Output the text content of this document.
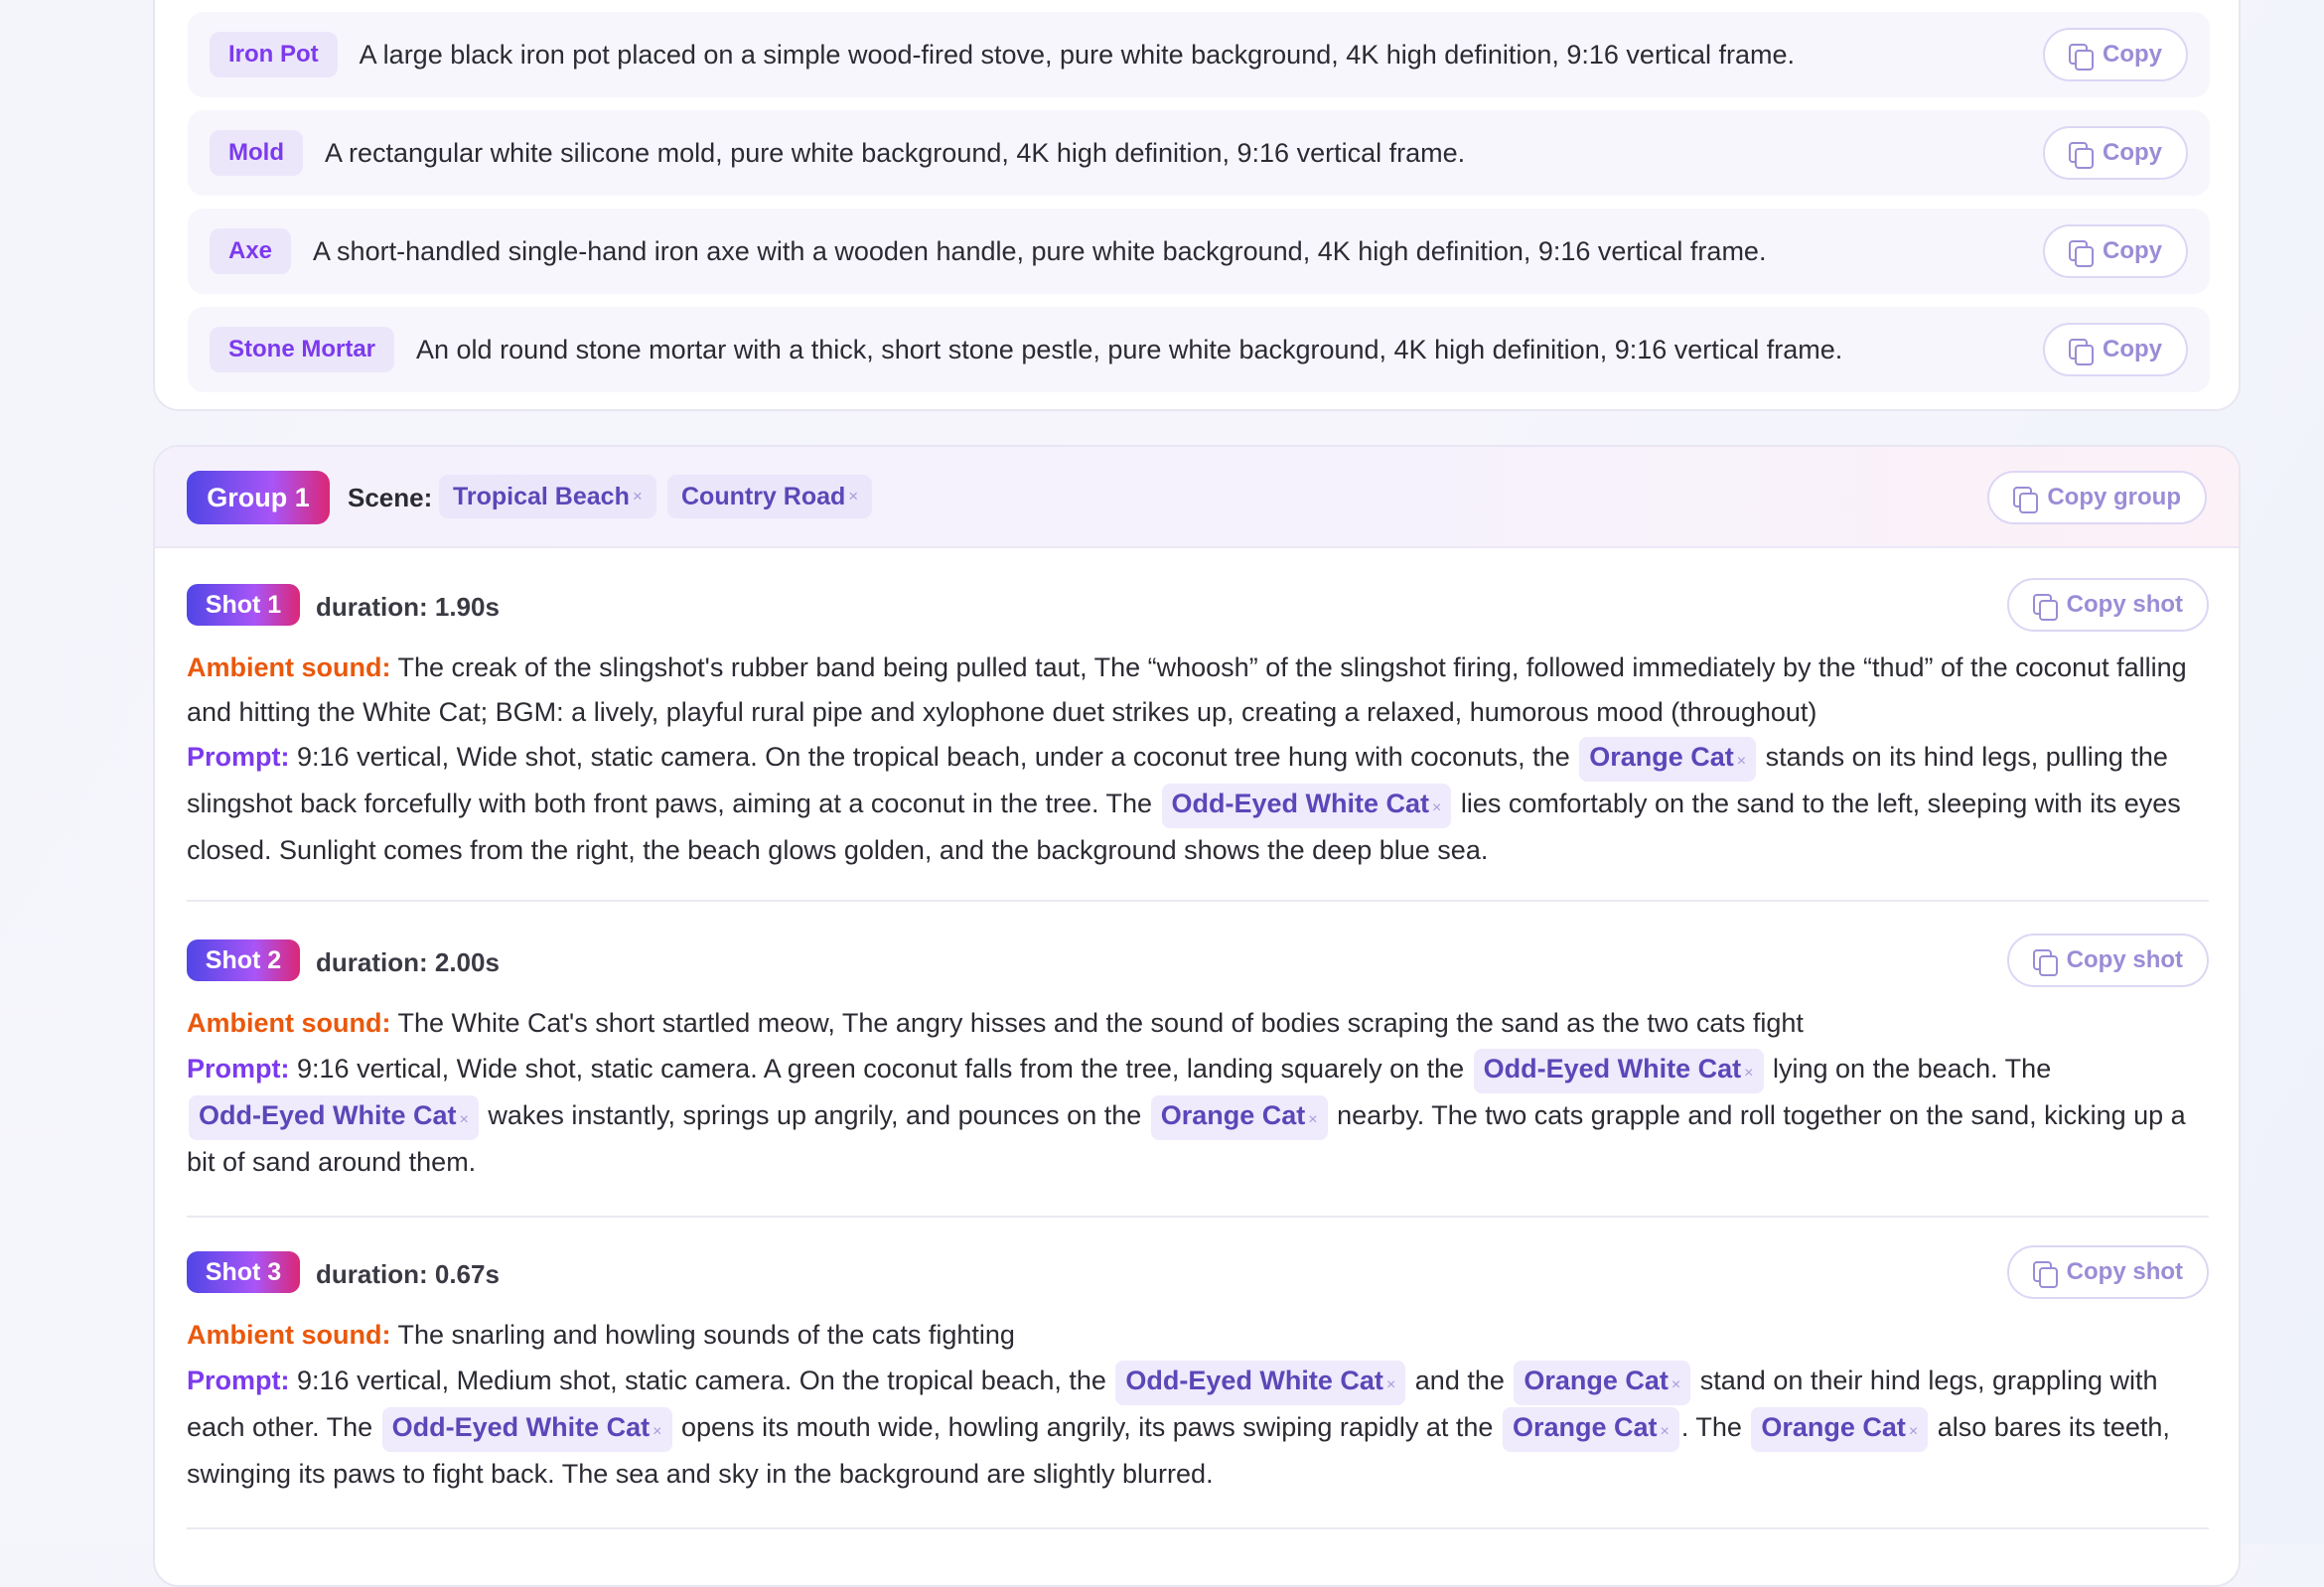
Iron Pot	A large black iron pot placed on a simple wood-fired stove, pure white background, 4K high definition, 9:16 vertical frame.	Copy
Mold	A rectangular white silicone mold, pure white background, 4K high definition, 9:16 vertical frame.	Copy
Axe	A short-handled single-hand iron axe with a wooden handle, pure white background, 4K high definition, 9:16 vertical frame.	Copy
Stone Mortar	An old round stone mortar with a thick, short stone pestle, pure white background, 4K high definition, 9:16 vertical frame.	Copy
Group 1	Scene: Tropical Beach × Country Road ×	Copy group
Shot 1	duration: 1.90s	Copy shot
Ambient sound: The creak of the slingshot's rubber band being pulled taut, The “whoosh” of the slingshot firing, followed immediately by the “thud” of the coconut falling and hitting the White Cat; BGM: a lively, playful rural pipe and xylophone duet strikes up, creating a relaxed, humorous mood (throughout)
Prompt: 9:16 vertical, Wide shot, static camera. On the tropical beach, under a coconut tree hung with coconuts, the Orange Cat × stands on its hind legs, pulling the slingshot back forcefully with both front paws, aiming at a coconut in the tree. The Odd-Eyed White Cat × lies comfortably on the sand to the left, sleeping with its eyes closed. Sunlight comes from the right, the beach glows golden, and the background shows the deep blue sea.
Shot 2	duration: 2.00s	Copy shot
Ambient sound: The White Cat's short startled meow, The angry hisses and the sound of bodies scraping the sand as the two cats fight
Prompt: 9:16 vertical, Wide shot, static camera. A green coconut falls from the tree, landing squarely on the Odd-Eyed White Cat × lying on the beach. The Odd-Eyed White Cat × wakes instantly, springs up angrily, and pounces on the Orange Cat × nearby. The two cats grapple and roll together on the sand, kicking up a bit of sand around them.
Shot 3	duration: 0.67s	Copy shot
Ambient sound: The snarling and howling sounds of the cats fighting
Prompt: 9:16 vertical, Medium shot, static camera. On the tropical beach, the Odd-Eyed White Cat × and the Orange Cat × stand on their hind legs, grappling with each other. The Odd-Eyed White Cat × opens its mouth wide, howling angrily, its paws swiping rapidly at the Orange Cat × . The Orange Cat × also bares its teeth, swinging its paws to fight back. The sea and sky in the background are slightly blurred.
